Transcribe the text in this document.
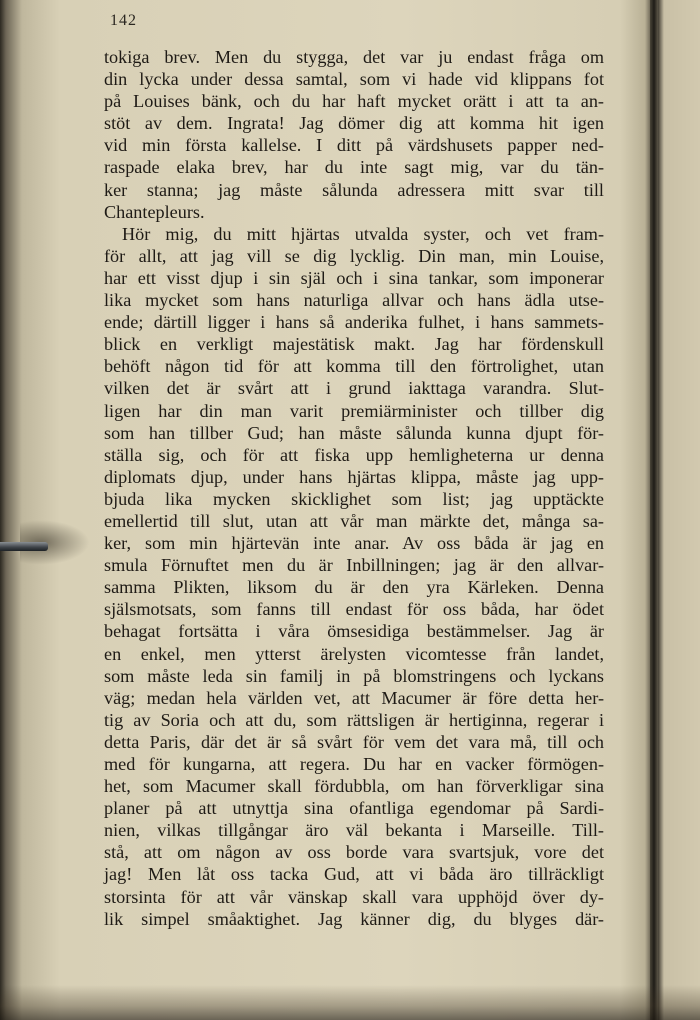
142
tokiga brev. Men du stygga, det var ju endast fråga om
din lycka under dessa samtal, som vi hade vid klippans fot
på Louises bänk, och du har haft mycket orätt i att ta an-
stöt av dem. Ingrata! Jag dömer dig att komma hit igen
vid min första kallelse. I ditt på värdshusets papper ned-
raspade elaka brev, har du inte sagt mig, var du tän-
ker stanna; jag måste sålunda adressera mitt svar till
Chantepleurs.
Hör mig, du mitt hjärtas utvalda syster, och vet fram-
för allt, att jag vill se dig lycklig. Din man, min Louise,
har ett visst djup i sin själ och i sina tankar, som imponerar
lika mycket som hans naturliga allvar och hans ädla utse-
ende; därtill ligger i hans så anderika fulhet, i hans sammets-
blick en verkligt majestätisk makt. Jag har fördenskull
behöft någon tid för att komma till den förtrolighet, utan
vilken det är svårt att i grund iakttaga varandra. Slut-
ligen har din man varit premiärminister och tillber dig
som han tillber Gud; han måste sålunda kunna djupt för-
ställa sig, och för att fiska upp hemligheterna ur denna
diplomats djup, under hans hjärtas klippa, måste jag upp-
bjuda lika mycken skicklighet som list; jag upptäckte
emellertid till slut, utan att vår man märkte det, många sa-
ker, som min hjärtevän inte anar. Av oss båda är jag en
smula Förnuftet men du är Inbillningen; jag är den allvar-
samma Plikten, liksom du är den yra Kärleken. Denna
själsmotsats, som fanns till endast för oss båda, har ödet
behagat fortsätta i våra ömsesidiga bestämmelser. Jag är
en enkel, men ytterst ärelysten vicomtesse från landet,
som måste leda sin familj in på blomstringens och lyckans
väg; medan hela världen vet, att Macumer är före detta her-
tig av Soria och att du, som rättsligen är hertiginna, regerar i
detta Paris, där det är så svårt för vem det vara må, till och
med för kungarna, att regera. Du har en vacker förmögen-
het, som Macumer skall fördubbla, om han förverkligar sina
planer på att utnyttja sina ofantliga egendomar på Sardi-
nien, vilkas tillgångar äro väl bekanta i Marseille. Till-
stå, att om någon av oss borde vara svartsjuk, vore det
jag! Men låt oss tacka Gud, att vi båda äro tillräckligt
storsinta för att vår vänskap skall vara upphöjd över dy-
lik simpel småaktighet. Jag känner dig, du blyges där-
